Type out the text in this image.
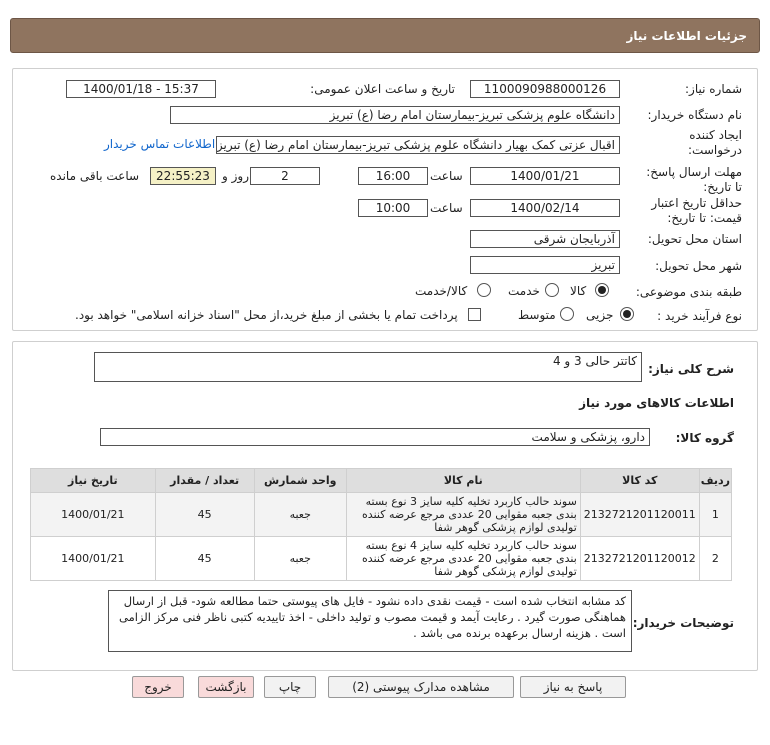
جزئیات اطلاعات نیاز
شماره نیاز:
1100090988000126
تاریخ و ساعت اعلان عمومی:
1400/01/18 - 15:37
نام دستگاه خریدار:
دانشگاه علوم پزشکی تبریز-بیمارستان امام رضا (ع) تبریز
ایجاد کننده درخواست:
اقبال عزتی کمک بهیار دانشگاه علوم پزشکی تبریز-بیمارستان امام رضا (ع) تبریز
اطلاعات تماس خریدار
مهلت ارسال پاسخ: تا تاریخ:
1400/01/21
ساعت
16:00
2
روز و
22:55:23
ساعت باقی مانده
حداقل تاریخ اعتبار قیمت: تا تاریخ:
1400/02/14
ساعت
10:00
استان محل تحویل:
آذربایجان شرقی
شهر محل تحویل:
تبریز
طبقه بندی موضوعی:
کالا
خدمت
کالا/خدمت
نوع فرآیند خرید :
جزیی
متوسط
پرداخت تمام یا بخشی از مبلغ خرید،از محل "اسناد خزانه اسلامی" خواهد بود.
شرح کلی نیاز:
کاتتر حالی 3 و 4
اطلاعات کالاهای مورد نیاز
گروه کالا:
دارو، پزشکی و سلامت
ردیف	کد کالا	نام کالا	واحد شمارش	تعداد / مقدار	تاریخ نیاز
1	2132721201120011	سوند حالب کاربرد تخلیه کلیه سایز 3 نوع بسته بندی جعبه مقوایی 20 عددی مرجع عرضه کننده تولیدی لوازم پزشکی گوهر شفا	جعبه	45	1400/01/21
2	2132721201120012	سوند حالب کاربرد تخلیه کلیه سایز 4 نوع بسته بندی جعبه مقوایی 20 عددی مرجع عرضه کننده تولیدی لوازم پزشکی گوهر شفا	جعبه	45	1400/01/21
توضیحات خریدار:
کد مشابه انتخاب شده است - قیمت نقدی داده نشود - فایل های پیوستی حتما مطالعه شود- قبل از ارسال هماهنگی صورت گیرد . رعایت آیمد و قیمت مصوب و تولید داخلی - اخذ تاییدیه کتبی ناظر فنی مرکز الزامی است . هزینه ارسال برعهده برنده می باشد .
پاسخ به نیاز
مشاهده مدارک پیوستی (2)
چاپ
بازگشت
خروج
